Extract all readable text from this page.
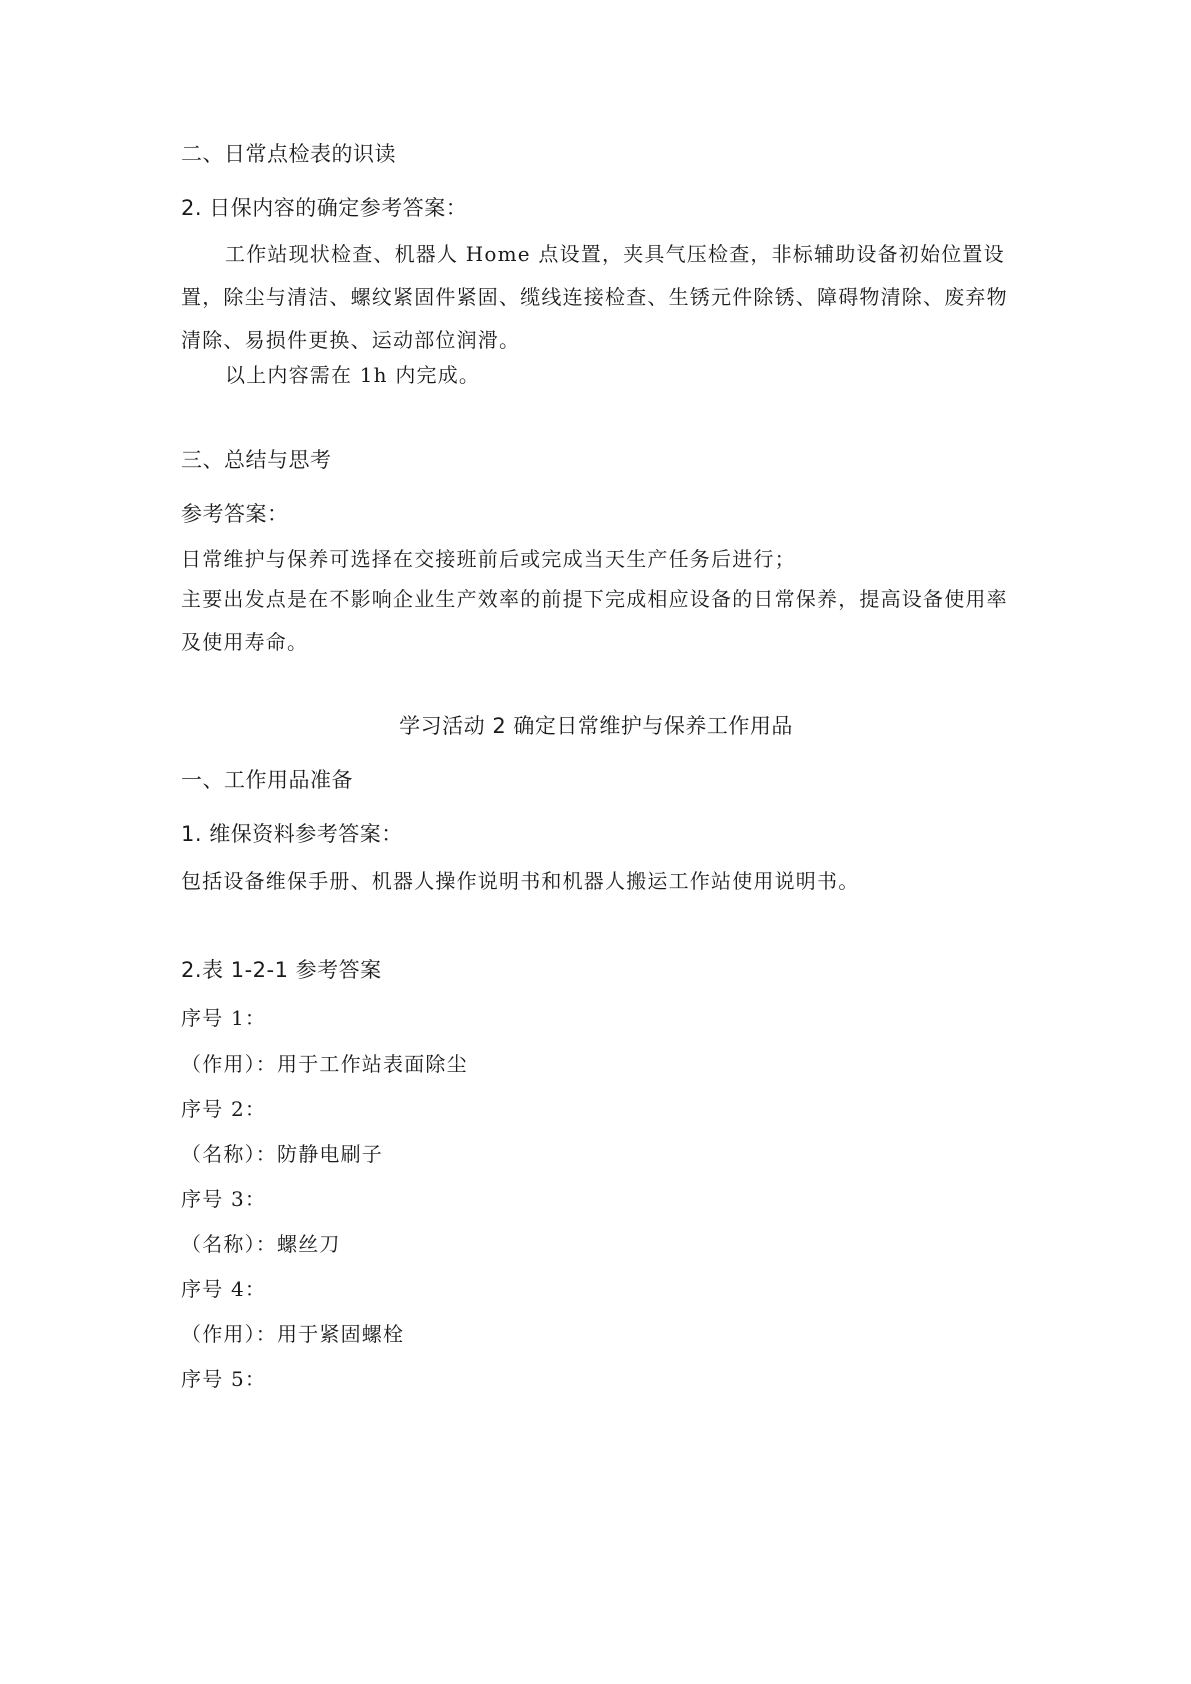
二、日常点检表的识读
2. 日保内容的确定参考答案：

工作站现状检查、机器人 Home 点设置，夹具气压检查，非标辅助设备初始位置设置，除尘与清洁、螺纹紧固件紧固、缆线连接检查、生锈元件除锈、障碍物清除、废弃物清除、易损件更换、运动部位润滑。

以上内容需在 1h 内完成。

三、总结与思考
参考答案：

日常维护与保养可选择在交接班前后或完成当天生产任务后进行；

主要出发点是在不影响企业生产效率的前提下完成相应设备的日常保养，提高设备使用率及使用寿命。

学习活动 2 确定日常维护与保养工作用品
一、工作用品准备
1. 维保资料参考答案：

包括设备维保手册、机器人操作说明书和机器人搬运工作站使用说明书。

2.表 1-2-1 参考答案

序号 1：

（作用）：用于工作站表面除尘

序号 2：

（名称）：防静电刷子

序号 3：

（名称）：螺丝刀

序号 4：

（作用）：用于紧固螺栓

序号 5：
